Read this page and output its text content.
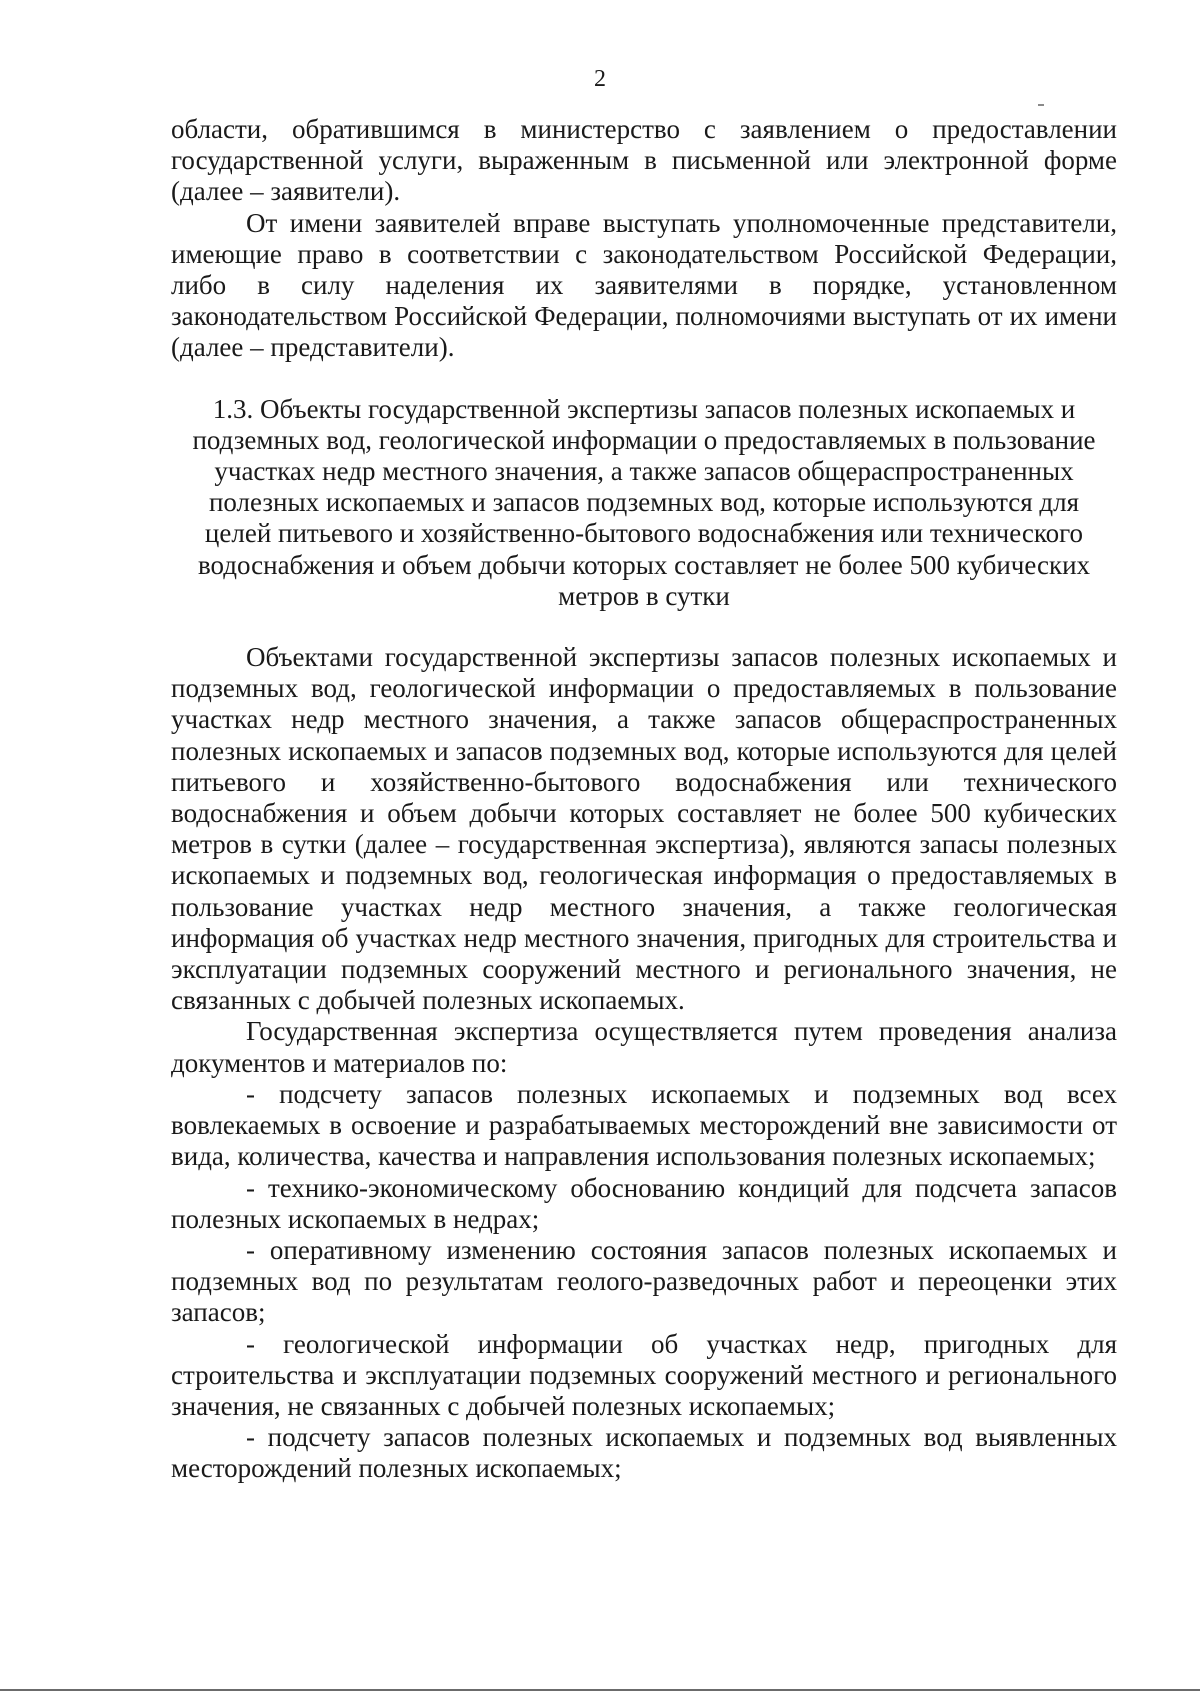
2

области, обратившимся в министерство с заявлением о предоставлении государственной услуги, выраженным в письменной или электронной форме (далее – заявители).

От имени заявителей вправе выступать уполномоченные представители, имеющие право в соответствии с законодательством Российской Федерации, либо в силу наделения их заявителями в порядке, установленном законодательством Российской Федерации, полномочиями выступать от их имени (далее – представители).

1.3. Объекты государственной экспертизы запасов полезных ископаемых и подземных вод, геологической информации о предоставляемых в пользование участках недр местного значения, а также запасов общераспространенных полезных ископаемых и запасов подземных вод, которые используются для целей питьевого и хозяйственно-бытового водоснабжения или технического водоснабжения и объем добычи которых составляет не более 500 кубических метров в сутки

Объектами государственной экспертизы запасов полезных ископаемых и подземных вод, геологической информации о предоставляемых в пользование участках недр местного значения, а также запасов общераспространенных полезных ископаемых и запасов подземных вод, которые используются для целей питьевого и хозяйственно-бытового водоснабжения или технического водоснабжения и объем добычи которых составляет не более 500 кубических метров в сутки (далее – государственная экспертиза), являются запасы полезных ископаемых и подземных вод, геологическая информация о предоставляемых в пользование участках недр местного значения, а также геологическая информация об участках недр местного значения, пригодных для строительства и эксплуатации подземных сооружений местного и регионального значения, не связанных с добычей полезных ископаемых.

Государственная экспертиза осуществляется путем проведения анализа документов и материалов по:

- подсчету запасов полезных ископаемых и подземных вод всех вовлекаемых в освоение и разрабатываемых месторождений вне зависимости от вида, количества, качества и направления использования полезных ископаемых;

- технико-экономическому обоснованию кондиций для подсчета запасов полезных ископаемых в недрах;

- оперативному изменению состояния запасов полезных ископаемых и подземных вод по результатам геолого-разведочных работ и переоценки этих запасов;

- геологической информации об участках недр, пригодных для строительства и эксплуатации подземных сооружений местного и регионального значения, не связанных с добычей полезных ископаемых;

- подсчету запасов полезных ископаемых и подземных вод выявленных месторождений полезных ископаемых;
